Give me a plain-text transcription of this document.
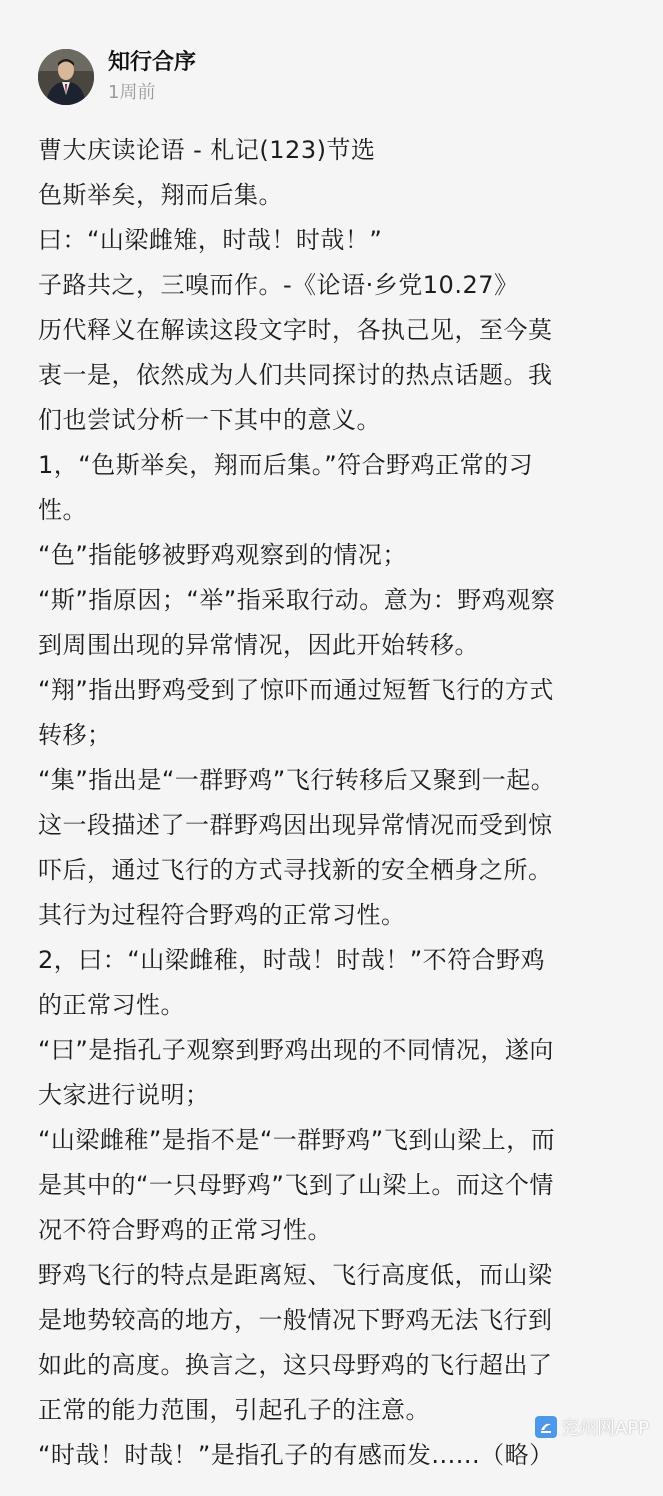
知行合序
1周前

曹大庆读论语 - 札记(123)节选

色斯举矣，翔而后集。

曰：“山梁雌雉，时哉！时哉！”

子路共之，三嗅而作。-《论语·乡党10.27》

历代释义在解读这段文字时，各执己见，至今莫

衷一是，依然成为人们共同探讨的热点话题。我

们也尝试分析一下其中的意义。

1，“色斯举矣，翔而后集。”符合野鸡正常的习

性。

“色”指能够被野鸡观察到的情况；

“斯”指原因；“举”指采取行动。意为：野鸡观察

到周围出现的异常情况，因此开始转移。

“翔”指出野鸡受到了惊吓而通过短暂飞行的方式

转移；

“集”指出是“一群野鸡”飞行转移后又聚到一起。

这一段描述了一群野鸡因出现异常情况而受到惊

吓后，通过飞行的方式寻找新的安全栖身之所。

其行为过程符合野鸡的正常习性。

2，曰：“山梁雌稚，时哉！时哉！”不符合野鸡

的正常习性。

“曰”是指孔子观察到野鸡出现的不同情况，遂向

大家进行说明；

“山梁雌稚”是指不是“一群野鸡”飞到山梁上，而

是其中的“一只母野鸡”飞到了山梁上。而这个情

况不符合野鸡的正常习性。

野鸡飞行的特点是距离短、飞行高度低，而山梁

是地势较高的地方，一般情况下野鸡无法飞行到

如此的高度。换言之，这只母野鸡的飞行超出了

正常的能力范围，引起孔子的注意。

“时哉！时哉！”是指孔子的有感而发......（略）

兖州网APP
